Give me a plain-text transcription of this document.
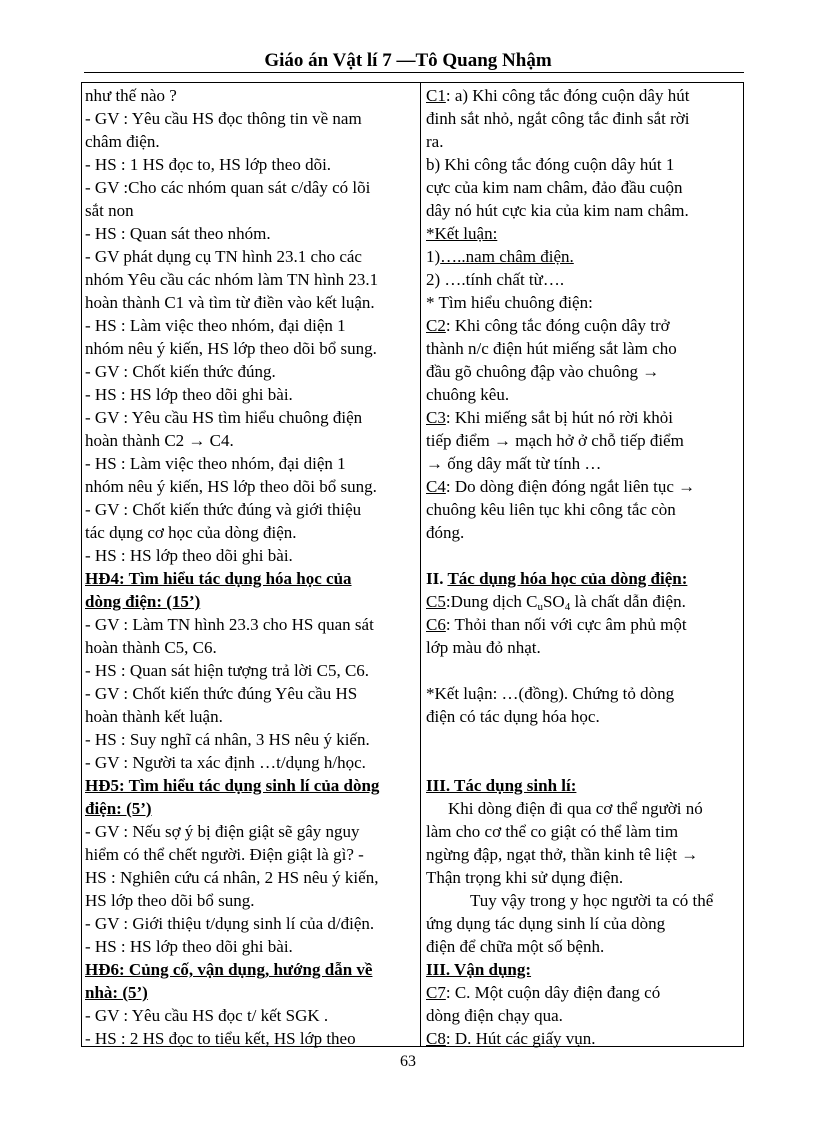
Giáo án Vật lí 7 —Tô Quang Nhậm
như thế nào ?
- GV : Yêu cầu HS đọc thông tin về nam
châm điện.
- HS : 1 HS đọc to, HS lớp theo dõi.
- GV :Cho các nhóm quan sát c/dây có lõi
sắt non
- HS : Quan sát theo nhóm.
- GV phát dụng cụ TN hình 23.1 cho các
nhóm Yêu cầu các nhóm làm TN hình 23.1
hoàn thành C1 và tìm từ điền vào kết luận.
- HS : Làm việc theo nhóm, đại diện 1
nhóm nêu ý kiến, HS lớp theo dõi bổ sung.
- GV : Chốt kiến thức đúng.
- HS : HS lớp theo dõi ghi bài.
- GV : Yêu cầu HS tìm hiểu chuông điện
hoàn thành C2 → C4.
- HS : Làm việc theo nhóm, đại diện 1
nhóm nêu ý kiến, HS lớp theo dõi bổ sung.
- GV : Chốt kiến thức đúng và giới thiệu
tác dụng cơ học của dòng điện.
- HS : HS lớp theo dõi ghi bài.
HĐ4: Tìm hiểu tác dụng hóa học của
dòng điện: (15’)
- GV : Làm TN hình 23.3 cho HS quan sát
hoàn thành C5, C6.
- HS : Quan sát hiện tượng trả lời C5, C6.
- GV : Chốt kiến thức đúng Yêu cầu HS
hoàn thành kết luận.
- HS : Suy nghĩ cá nhân, 3 HS nêu ý kiến.
- GV : Người ta xác định …t/dụng h/học.
HĐ5: Tìm hiểu tác dụng sinh lí của dòng
điện: (5’)
- GV : Nếu sợ ý bị điện giật sẽ gây nguy
hiểm có thể chết người. Điện giật là gì? -
HS : Nghiên cứu cá nhân, 2 HS nêu ý kiến,
HS lớp theo dõi bổ sung.
- GV : Giới thiệu t/dụng sinh lí của d/điện.
- HS : HS lớp theo dõi ghi bài.
HĐ6: Củng cố, vận dụng, hướng dẫn về
nhà: (5’)
- GV : Yêu cầu HS đọc t/ kết SGK .
- HS : 2 HS đọc to tiểu kết, HS lớp theo
C1: a) Khi công tắc đóng cuộn dây hút
đinh sắt nhỏ, ngắt công tắc đinh sắt rời
ra.
b) Khi công tắc đóng cuộn dây hút 1
cực của kim nam châm, đảo đầu cuộn
dây nó hút cực kia của kim nam châm.
*Kết luận:
1)…..nam châm điện.
2) ….tính chất từ….
* Tìm hiểu chuông điện:
C2: Khi công tắc đóng cuộn dây trở
thành n/c điện hút miếng sắt làm cho
đầu gõ chuông đập vào chuông →
chuông kêu.
C3: Khi miếng sắt bị hút nó rời khỏi
tiếp điểm → mạch hở ở chỗ tiếp điểm
→ ống dây mất từ tính …
C4: Do dòng điện đóng ngắt liên tục →
chuông kêu liên tục khi công tắc còn
đóng.
II. Tác dụng hóa học của dòng điện:
C5:Dung dịch $C_uSO_4$ là chất dẫn điện.
C6: Thỏi than nối với cực âm phủ một
lớp màu đỏ nhạt.
*Kết luận: …(đồng). Chứng tỏ dòng
điện có tác dụng hóa học.
III. Tác dụng sinh lí:
Khi dòng điện đi qua cơ thể người nó
làm cho cơ thể co giật có thể làm tim
ngừng đập, ngạt thở, thần kinh tê liệt →
Thận trọng khi sử dụng điện.
Tuy vậy trong y học người ta có thể
ứng dụng tác dụng sinh lí của dòng
điện để chữa một số bệnh.
III. Vận dụng:
C7: C. Một cuộn dây điện đang có
dòng điện chạy qua.
C8: D. Hút các giấy vụn.
63
